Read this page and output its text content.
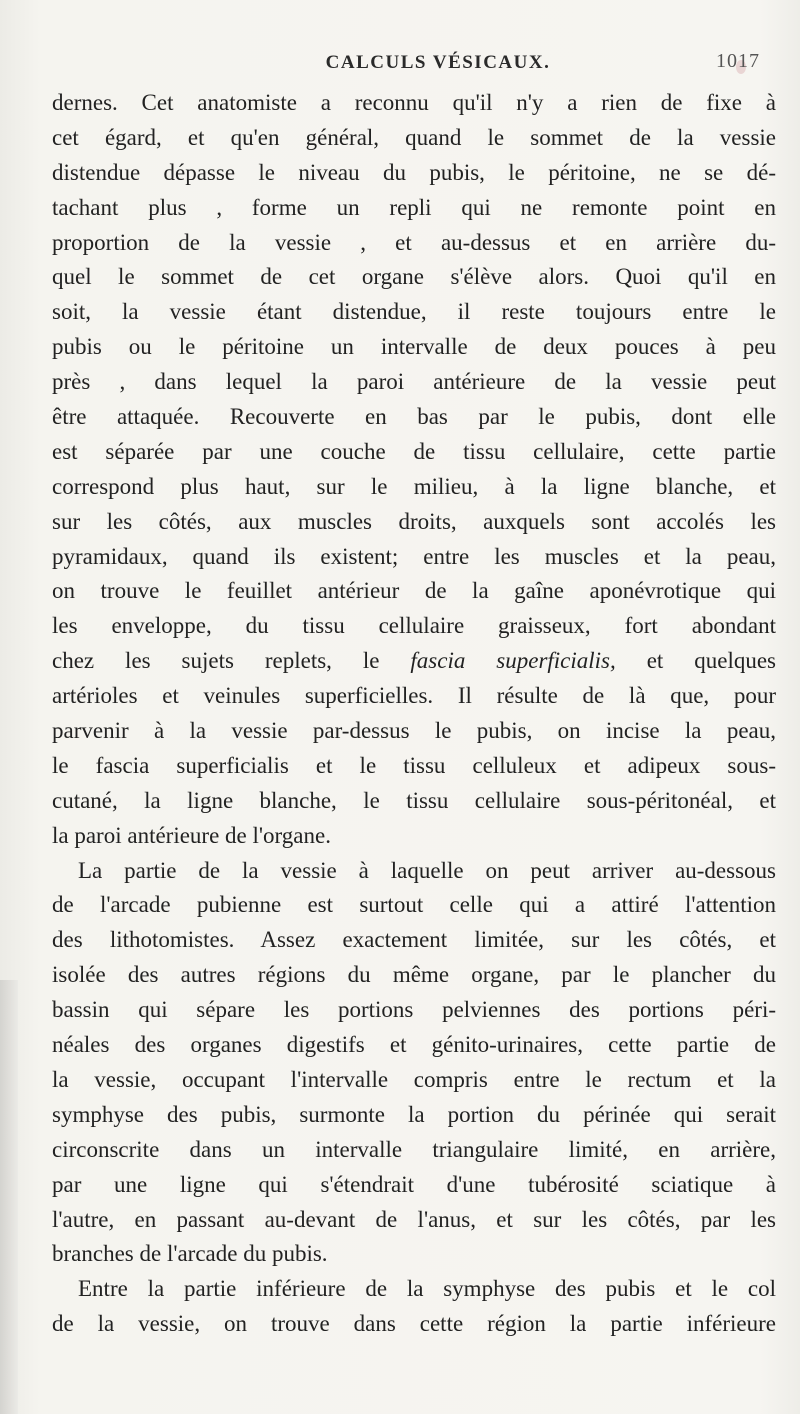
CALCULS VÉSICAUX.	1017
dernes. Cet anatomiste a reconnu qu'il n'y a rien de fixe à
cet égard, et qu'en général, quand le sommet de la vessie
distendue dépasse le niveau du pubis, le péritoine, ne se dé-
tachant plus , forme un repli qui ne remonte point en
proportion de la vessie , et au-dessus et en arrière du-
quel le sommet de cet organe s'élève alors. Quoi qu'il en
soit, la vessie étant distendue, il reste toujours entre le
pubis ou le péritoine un intervalle de deux pouces à peu
près , dans lequel la paroi antérieure de la vessie peut
être attaquée. Recouverte en bas par le pubis, dont elle
est séparée par une couche de tissu cellulaire, cette partie
correspond plus haut, sur le milieu, à la ligne blanche, et
sur les côtés, aux muscles droits, auxquels sont accolés les
pyramidaux, quand ils existent; entre les muscles et la peau,
on trouve le feuillet antérieur de la gaîne aponévrotique qui
les enveloppe, du tissu cellulaire graisseux, fort abondant
chez les sujets replets, le fascia superficialis, et quelques
artérioles et veinules superficielles. Il résulte de là que, pour
parvenir à la vessie par-dessus le pubis, on incise la peau,
le fascia superficialis et le tissu celluleux et adipeux sous-
cutané, la ligne blanche, le tissu cellulaire sous-péritonéal, et
la paroi antérieure de l'organe.
La partie de la vessie à laquelle on peut arriver au-dessous
de l'arcade pubienne est surtout celle qui a attiré l'attention
des lithotomistes. Assez exactement limitée, sur les côtés, et
isolée des autres régions du même organe, par le plancher du
bassin qui sépare les portions pelviennes des portions péri-
néales des organes digestifs et génito-urinaires, cette partie de
la vessie, occupant l'intervalle compris entre le rectum et la
symphyse des pubis, surmonte la portion du périnée qui serait
circonscrite dans un intervalle triangulaire limité, en arrière,
par une ligne qui s'étendrait d'une tubérosité sciatique à
l'autre, en passant au-devant de l'anus, et sur les côtés, par les
branches de l'arcade du pubis.
Entre la partie inférieure de la symphyse des pubis et le col
de la vessie, on trouve dans cette région la partie inférieure
